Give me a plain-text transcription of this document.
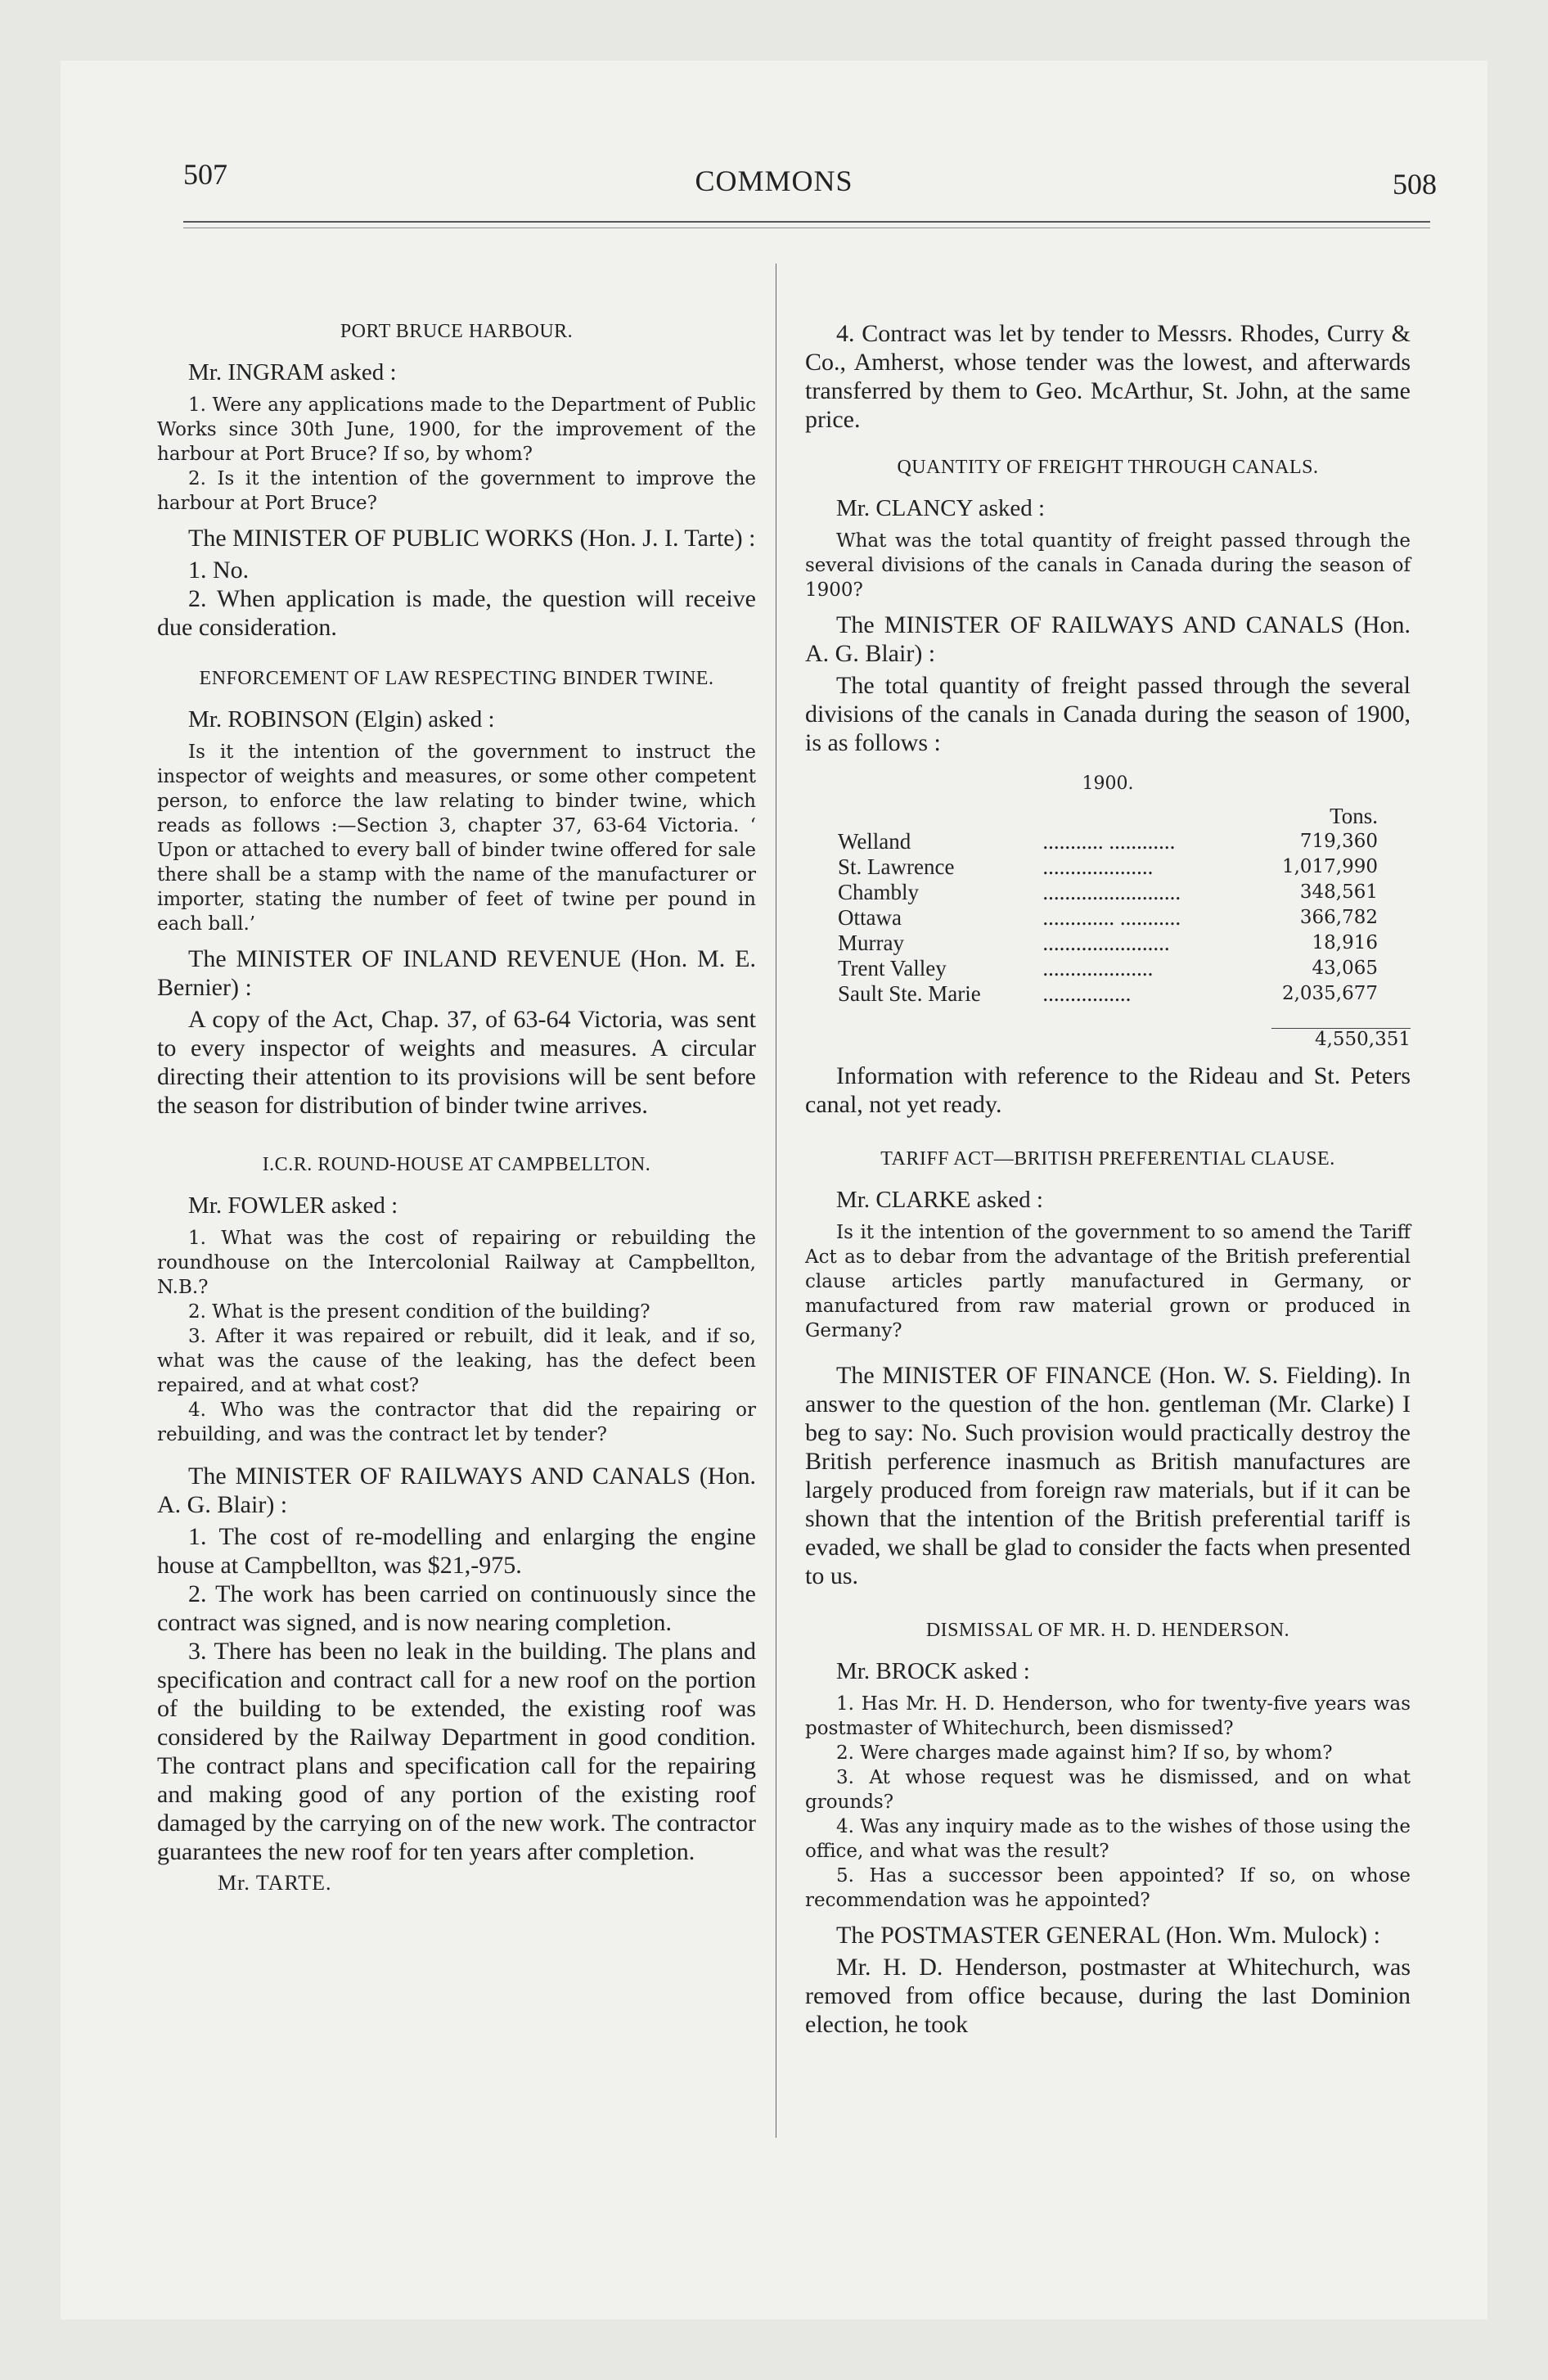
507	COMMONS	508
PORT BRUCE HARBOUR.
Mr. INGRAM asked :

1. Were any applications made to the Department of Public Works since 30th June, 1900, for the improvement of the harbour at Port Bruce? If so, by whom?

2. Is it the intention of the government to improve the harbour at Port Bruce?

The MINISTER OF PUBLIC WORKS (Hon. J. I. Tarte) :

1. No.

2. When application is made, the question will receive due consideration.

ENFORCEMENT OF LAW RESPECTING BINDER TWINE.
Mr. ROBINSON (Elgin) asked :

Is it the intention of the government to instruct the inspector of weights and measures, or some other competent person, to enforce the law relating to binder twine, which reads as follows :—Section 3, chapter 37, 63-64 Victoria. ‘ Upon or attached to every ball of binder twine offered for sale there shall be a stamp with the name of the manufacturer or importer, stating the number of feet of twine per pound in each ball.’

The MINISTER OF INLAND REVENUE (Hon. M. E. Bernier) :

A copy of the Act, Chap. 37, of 63-64 Victoria, was sent to every inspector of weights and measures. A circular directing their attention to its provisions will be sent before the season for distribution of binder twine arrives.

I.C.R. ROUND-HOUSE AT CAMPBELLTON.
Mr. FOWLER asked :

1. What was the cost of repairing or rebuilding the roundhouse on the Intercolonial Railway at Campbellton, N.B.?

2. What is the present condition of the building?

3. After it was repaired or rebuilt, did it leak, and if so, what was the cause of the leaking, has the defect been repaired, and at what cost?

4. Who was the contractor that did the repairing or rebuilding, and was the contract let by tender?

The MINISTER OF RAILWAYS AND CANALS (Hon. A. G. Blair) :

1. The cost of re-modelling and enlarging the engine house at Campbellton, was $21,-975.

2. The work has been carried on continuously since the contract was signed, and is now nearing completion.

3. There has been no leak in the building. The plans and specification and contract call for a new roof on the portion of the building to be extended, the existing roof was considered by the Railway Department in good condition. The contract plans and specification call for the repairing and making good of any portion of the existing roof damaged by the carrying on of the new work. The contractor guarantees the new roof for ten years after completion.

Mr. TARTE.

4. Contract was let by tender to Messrs. Rhodes, Curry & Co., Amherst, whose tender was the lowest, and afterwards transferred by them to Geo. McArthur, St. John, at the same price.

QUANTITY OF FREIGHT THROUGH CANALS.
Mr. CLANCY asked :

What was the total quantity of freight passed through the several divisions of the canals in Canada during the season of 1900?

The MINISTER OF RAILWAYS AND CANALS (Hon. A. G. Blair) :

The total quantity of freight passed through the several divisions of the canals in Canada during the season of 1900, is as follows :

1900.
		Tons.
Welland	........... ............	719,360
St. Lawrence	....................	1,017,990
Chambly	.........................	348,561
Ottawa	............. ...........	366,782
Murray	.......................	18,916
Trent Valley	....................	43,065
Sault Ste. Marie	................	2,035,677
4,550,351

Information with reference to the Rideau and St. Peters canal, not yet ready.

TARIFF ACT—BRITISH PREFERENTIAL CLAUSE.
Mr. CLARKE asked :

Is it the intention of the government to so amend the Tariff Act as to debar from the advantage of the British preferential clause articles partly manufactured in Germany, or manufactured from raw material grown or produced in Germany?

The MINISTER OF FINANCE (Hon. W. S. Fielding). In answer to the question of the hon. gentleman (Mr. Clarke) I beg to say: No. Such provision would practically destroy the British perference inasmuch as British manufactures are largely produced from foreign raw materials, but if it can be shown that the intention of the British preferential tariff is evaded, we shall be glad to consider the facts when presented to us.

DISMISSAL OF MR. H. D. HENDERSON.
Mr. BROCK asked :

1. Has Mr. H. D. Henderson, who for twenty-five years was postmaster of Whitechurch, been dismissed?

2. Were charges made against him? If so, by whom?

3. At whose request was he dismissed, and on what grounds?

4. Was any inquiry made as to the wishes of those using the office, and what was the result?

5. Has a successor been appointed? If so, on whose recommendation was he appointed?

The POSTMASTER GENERAL (Hon. Wm. Mulock) :

Mr. H. D. Henderson, postmaster at Whitechurch, was removed from office because, during the last Dominion election, he took
